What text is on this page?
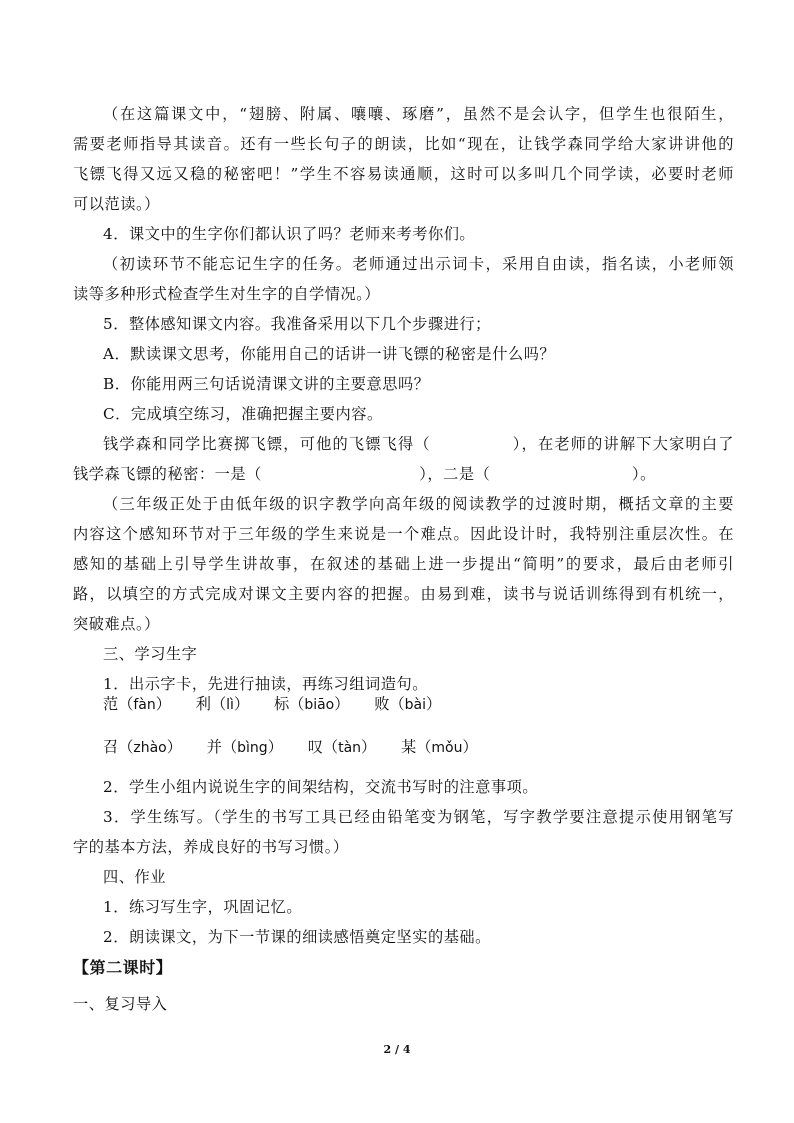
（在这篇课文中，“翅膀、附属、嚷嚷、琢磨”，虽然不是会认字，但学生也很陌生，
需要老师指导其读音。还有一些长句子的朗读，比如“现在，让钱学森同学给大家讲讲他的
飞镖飞得又远又稳的秘密吧！”学生不容易读通顺，这时可以多叫几个同学读，必要时老师
可以范读。）
4．课文中的生字你们都认识了吗？老师来考考你们。
（初读环节不能忘记生字的任务。老师通过出示词卡，采用自由读，指名读，小老师领
读等多种形式检查学生对生字的自学情况。）
5．整体感知课文内容。我准备采用以下几个步骤进行；
A．默读课文思考，你能用自己的话讲一讲飞镖的秘密是什么吗？
B．你能用两三句话说清课文讲的主要意思吗？
C．完成填空练习，准确把握主要内容。
钱学森和同学比赛掷飞镖，可他的飞镖飞得（　　　　　），在老师的讲解下大家明白了
钱学森飞镖的秘密：一是（　　　　　　　　　　），二是（　　　　　　　　　）。
（三年级正处于由低年级的识字教学向高年级的阅读教学的过渡时期，概括文章的主要
内容这个感知环节对于三年级的学生来说是一个难点。因此设计时，我特别注重层次性。在
感知的基础上引导学生讲故事，在叙述的基础上进一步提出“简明”的要求，最后由老师引
路，以填空的方式完成对课文主要内容的把握。由易到难，读书与说话训练得到有机统一，
突破难点。）
三、学习生字
1．出示字卡，先进行抽读，再练习组词造句。
范（fàn） 利（lì） 标（biāo） 败（bài）
召（zhào） 并（bìng） 叹（tàn） 某（mǒu）
2．学生小组内说说生字的间架结构，交流书写时的注意事项。
3．学生练写。（学生的书写工具已经由铅笔变为钢笔，写字教学要注意提示使用钢笔写
字的基本方法，养成良好的书写习惯。）
四、作业
1．练习写生字，巩固记忆。
2．朗读课文，为下一节课的细读感悟奠定坚实的基础。
【第二课时】
一、复习导入
2 / 4
